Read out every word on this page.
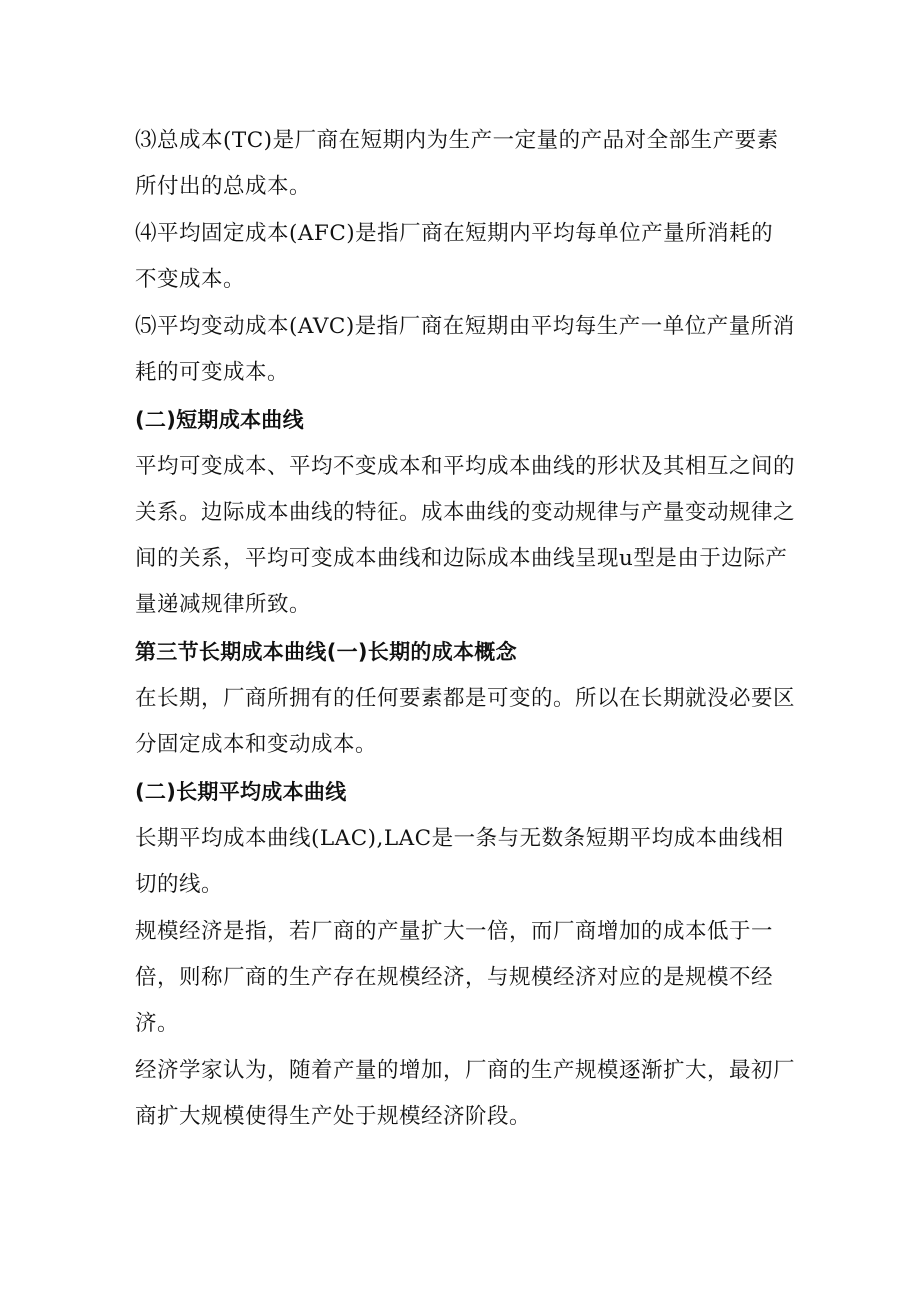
⑶总成本(TC)是厂商在短期内为生产一定量的产品对全部生产要素所付出的总成本。

⑷平均固定成本(AFC)是指厂商在短期内平均每单位产量所消耗的不变成本。

⑸平均变动成本(AVC)是指厂商在短期由平均每生产一单位产量所消耗的可变成本。

(二)短期成本曲线

平均可变成本、平均不变成本和平均成本曲线的形状及其相互之间的关系。边际成本曲线的特征。成本曲线的变动规律与产量变动规律之间的关系，平均可变成本曲线和边际成本曲线呈现u型是由于边际产量递减规律所致。

第三节长期成本曲线(一)长期的成本概念

在长期，厂商所拥有的任何要素都是可变的。所以在长期就没必要区分固定成本和变动成本。

(二)长期平均成本曲线

长期平均成本曲线(LAC),LAC是一条与无数条短期平均成本曲线相切的线。

规模经济是指，若厂商的产量扩大一倍，而厂商增加的成本低于一倍，则称厂商的生产存在规模经济，与规模经济对应的是规模不经济。

经济学家认为，随着产量的增加，厂商的生产规模逐渐扩大，最初厂商扩大规模使得生产处于规模经济阶段。
